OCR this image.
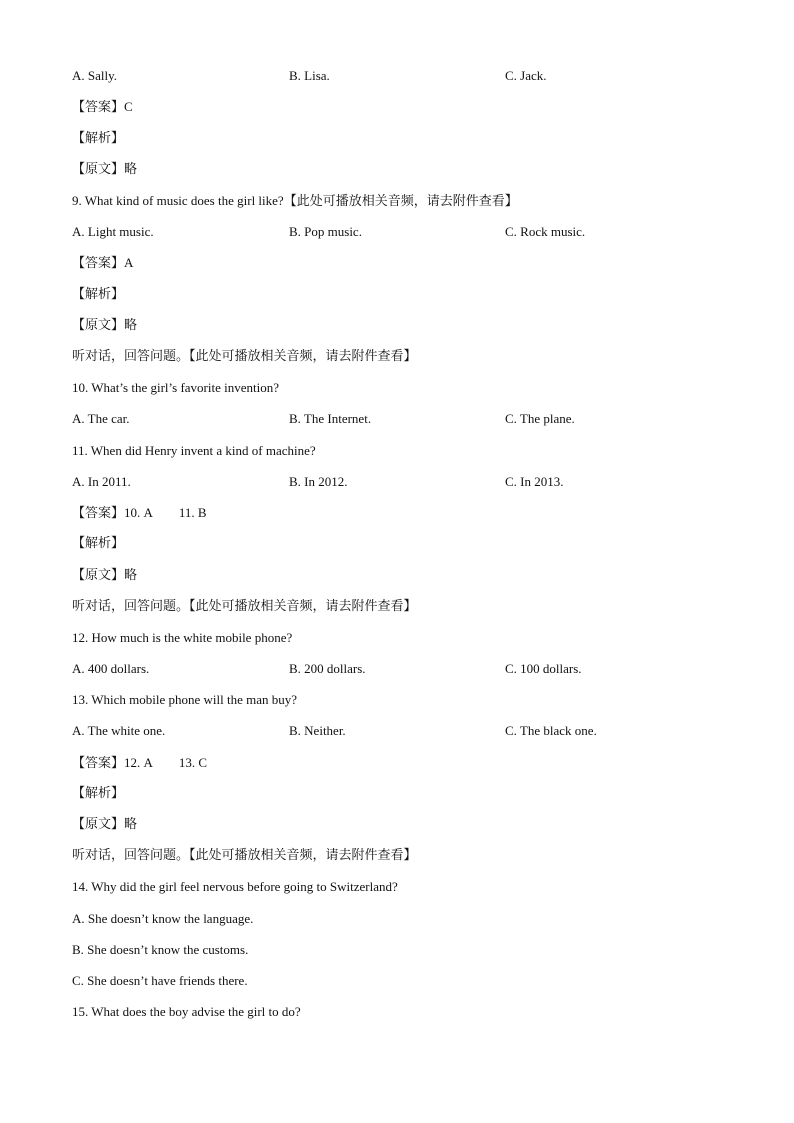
A. Sally.	B. Lisa.	C. Jack.
【答案】C
【解析】
【原文】略
9. What kind of music does the girl like?【此处可播放相关音频，请去附件查看】
A. Light music.	B. Pop music.	C. Rock music.
【答案】A
【解析】
【原文】略
听对话，回答问题。【此处可播放相关音频，请去附件查看】
10. What’s the girl’s favorite invention?
A. The car.	B. The Internet.	C. The plane.
11. When did Henry invent a kind of machine?
A. In 2011.	B. In 2012.	C. In 2013.
【答案】10. A 11. B
【解析】
【原文】略
听对话，回答问题。【此处可播放相关音频，请去附件查看】
12. How much is the white mobile phone?
A. 400 dollars.	B. 200 dollars.	C. 100 dollars.
13. Which mobile phone will the man buy?
A. The white one.	B. Neither.	C. The black one.
【答案】12. A 13. C
【解析】
【原文】略
听对话，回答问题。【此处可播放相关音频，请去附件查看】
14. Why did the girl feel nervous before going to Switzerland?
A. She doesn’t know the language.
B. She doesn’t know the customs.
C. She doesn’t have friends there.
15. What does the boy advise the girl to do?
